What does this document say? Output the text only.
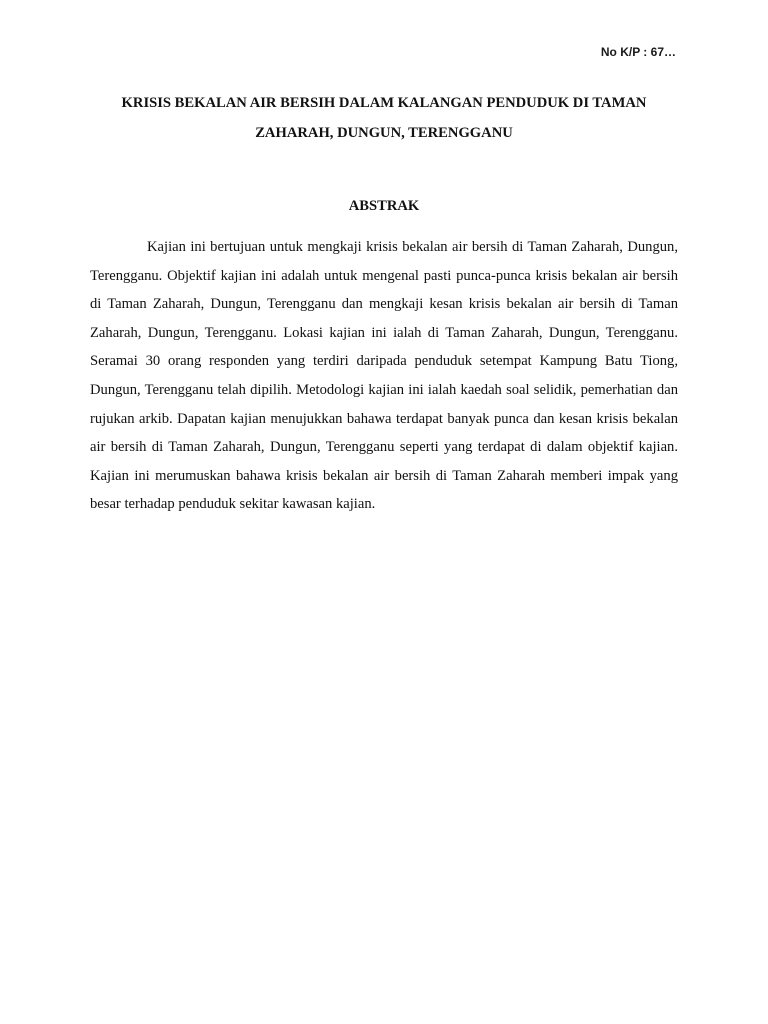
No K/P : 67…
KRISIS BEKALAN AIR BERSIH DALAM KALANGAN PENDUDUK DI TAMAN ZAHARAH, DUNGUN, TERENGGANU
ABSTRAK

Kajian ini bertujuan untuk mengkaji krisis bekalan air bersih di Taman Zaharah, Dungun, Terengganu. Objektif kajian ini adalah untuk mengenal pasti punca-punca krisis bekalan air bersih di Taman Zaharah, Dungun, Terengganu dan mengkaji kesan krisis bekalan air bersih di Taman Zaharah, Dungun, Terengganu. Lokasi kajian ini ialah di Taman Zaharah, Dungun, Terengganu. Seramai 30 orang responden yang terdiri daripada penduduk setempat Kampung Batu Tiong, Dungun, Terengganu telah dipilih. Metodologi kajian ini ialah kaedah soal selidik, pemerhatian dan rujukan arkib. Dapatan kajian menujukkan bahawa terdapat banyak punca dan kesan krisis bekalan air bersih di Taman Zaharah, Dungun, Terengganu seperti yang terdapat di dalam objektif kajian. Kajian ini merumuskan bahawa krisis bekalan air bersih di Taman Zaharah memberi impak yang besar terhadap penduduk sekitar kawasan kajian.
